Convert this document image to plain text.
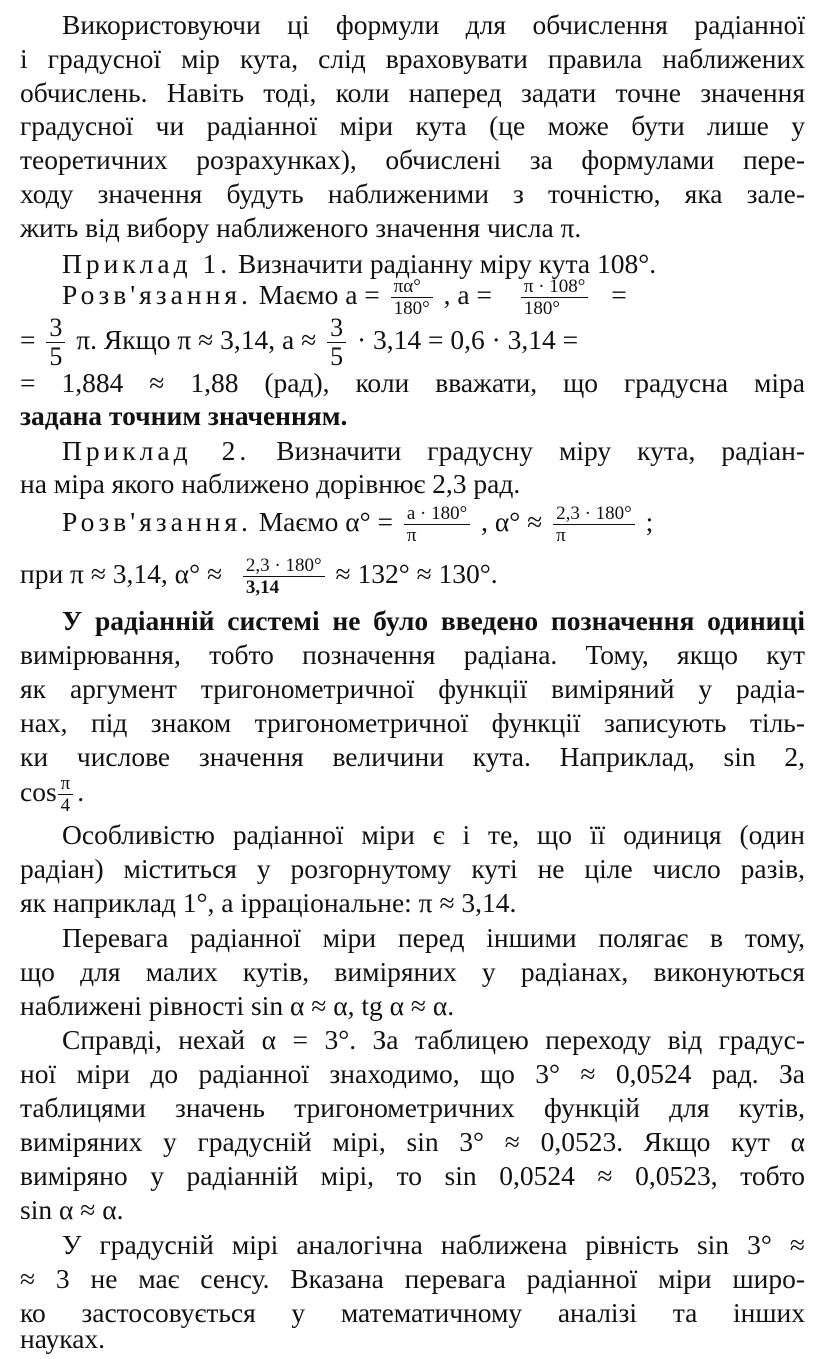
Використовуючи ці формули для обчислення радіанної
і градусної мір кута, слід враховувати правила наближених
обчислень. Навіть тоді, коли наперед задати точне значення
градусної чи радіанної міри кута (це може бути лише у
теоретичних розрахунках), обчислені за формулами пере-
ходу значення будуть наближеними з точністю, яка зале-
жить від вибору наближеного значення числа π.
Приклад 1. Визначити радіанну міру кута 108°.
Розв'язання. Маємо $a = \frac{\pi\alpha^\circ}{180^\circ}$ , $a = \frac{\pi \cdot 108^\circ}{180^\circ}$ =
= $\frac{3}{5} \pi$. Якщо π ≈ 3,14, $a \approx \frac{3}{5} \cdot 3,14 = 0,6 \cdot 3,14$ =
= 1,884 ≈ 1,88 (рад), коли вважати, що градусна міра
задана точним значенням.
Приклад 2. Визначити градусну міру кута, радіан-
на міра якого наближено дорівнює 2,3 рад.
Розв'язання. Маємо $\alpha^\circ = \frac{a \cdot 180^\circ}{\pi}$ , $\alpha^\circ \approx \frac{2,3 \cdot 180^\circ}{\pi}$ ;
при π ≈ 3,14, $\alpha^\circ \approx \frac{2,3 \cdot 180^\circ}{3,14} \approx 132^\circ \approx 130^\circ$.
У радіанній системі не було введено позначення одиниці
вимірювання, тобто позначення радіана. Тому, якщо кут
як аргумент тригонометричної функції виміряний у радіа-
нах, під знаком тригонометричної функції записують тіль-
ки числове значення величини кута. Наприклад, sin 2,
$\cos \frac{\pi}{4}$ .
Особливістю радіанної міри є і те, що її одиниця (один
радіан) міститься у розгорнутому куті не ціле число разів,
як наприклад 1°, а ірраціональне: π ≈ 3,14.
Перевага радіанної міри перед іншими полягає в тому,
що для малих кутів, виміряних у радіанах, виконуються
наближені рівності sin α ≈ α, tg α ≈ α.
Справді, нехай α = 3°. За таблицею переходу від градус-
ної міри до радіанної знаходимо, що 3° ≈ 0,0524 рад. За
таблицями значень тригонометричних функцій для кутів,
виміряних у градусній мірі, sin 3° ≈ 0,0523. Якщо кут α
виміряно у радіанній мірі, то sin 0,0524 ≈ 0,0523, тобто
sin α ≈ α.
У градусній мірі аналогічна наближена рівність sin 3° ≈
≈ 3 не має сенсу. Вказана перевага радіанної міри широ-
ко застосовується у математичному аналізі та інших
науках.
